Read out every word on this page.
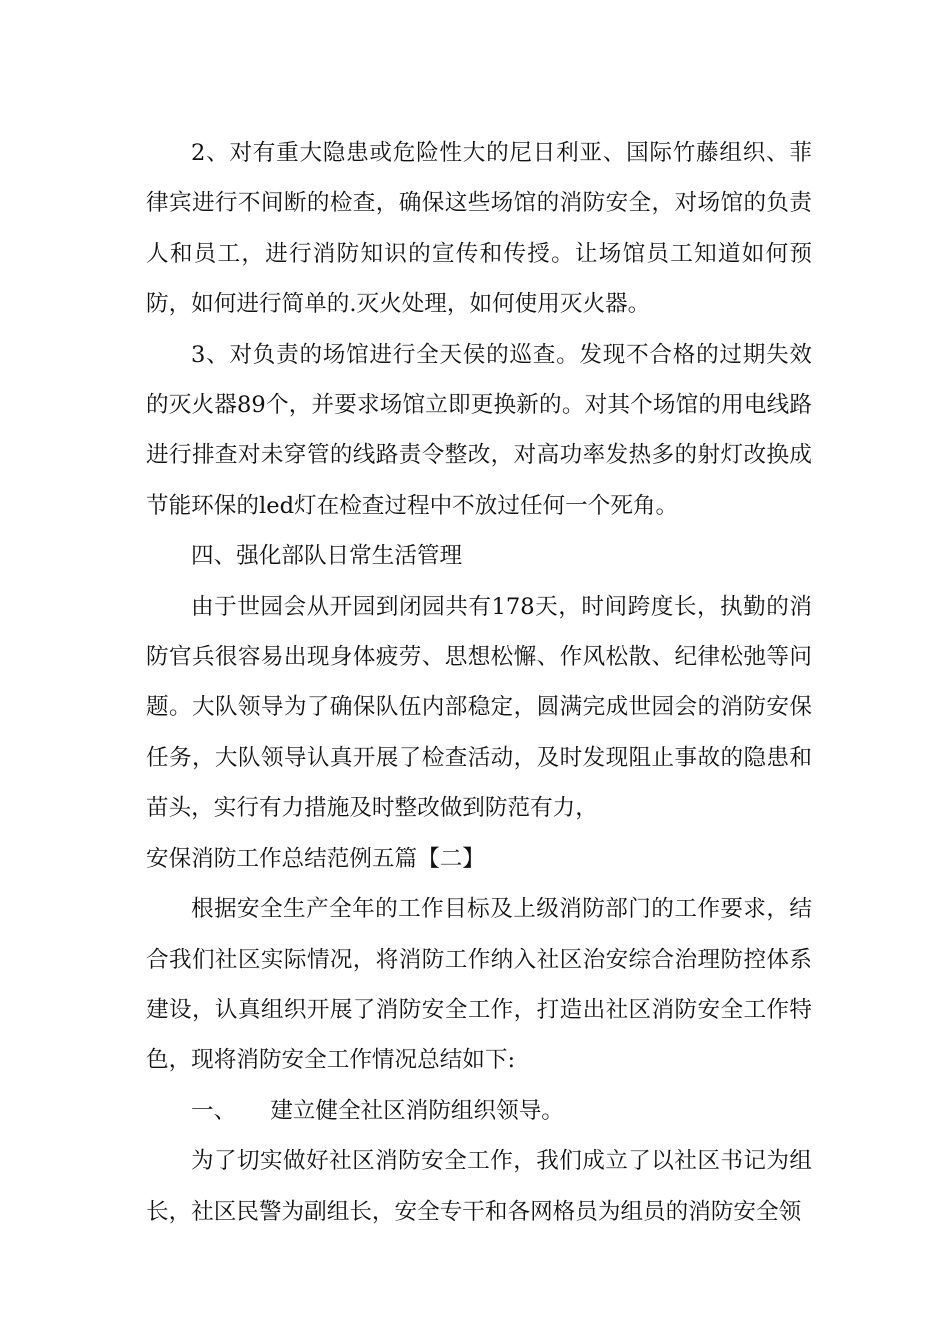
2、对有重大隐患或危险性大的尼日利亚、国际竹藤组织、菲律宾进行不间断的检查，确保这些场馆的消防安全，对场馆的负责人和员工，进行消防知识的宣传和传授。让场馆员工知道如何预防，如何进行简单的.灭火处理，如何使用灭火器。

3、对负责的场馆进行全天侯的巡查。发现不合格的过期失效的灭火器89个，并要求场馆立即更换新的。对其个场馆的用电线路进行排查对未穿管的线路责令整改，对高功率发热多的射灯改换成节能环保的led灯在检查过程中不放过任何一个死角。

四、强化部队日常生活管理

由于世园会从开园到闭园共有178天，时间跨度长，执勤的消防官兵很容易出现身体疲劳、思想松懈、作风松散、纪律松弛等问题。大队领导为了确保队伍内部稳定，圆满完成世园会的消防安保任务，大队领导认真开展了检查活动，及时发现阻止事故的隐患和苗头，实行有力措施及时整改做到防范有力，

安保消防工作总结范例五篇【二】

根据安全生产全年的工作目标及上级消防部门的工作要求，结合我们社区实际情况，将消防工作纳入社区治安综合治理防控体系建设，认真组织开展了消防安全工作，打造出社区消防安全工作特色，现将消防安全工作情况总结如下:

一、 建立健全社区消防组织领导。

为了切实做好社区消防安全工作，我们成立了以社区书记为组长，社区民警为副组长，安全专干和各网格员为组员的消防安全领
